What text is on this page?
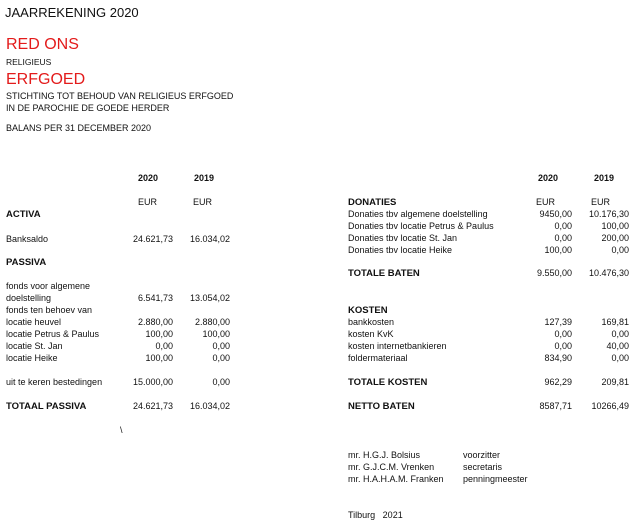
JAARREKENING 2020
RED ONS
RELIGIEUS
ERFGOED
STICHTING TOT BEHOUD VAN RELIGIEUS ERFGOED
IN DE PAROCHIE DE GOEDE HERDER
BALANS PER 31 DECEMBER 2020
2020	2019
EUR	EUR
ACTIVA
Banksaldo	24.621,73	16.034,02
PASSIVA
fonds voor algemene
doelstelling	6.541,73	13.054,02
fonds ten behoev van
locatie heuvel	2.880,00	2.880,00
locatie Petrus & Paulus	100,00	100,00
locatie St. Jan	0,00	0,00
locatie Heike	100,00	0,00
uit te keren bestedingen	15.000,00	0,00
TOTAAL PASSIVA	24.621,73	16.034,02
\
2020	2019
EUR	EUR
DONATIES
Donaties tbv algemene doelstelling	9450,00	10.176,30
Donaties tbv locatie Petrus & Paulus	0,00	100,00
Donaties tbv locatie St. Jan	0,00	200,00
Donaties tbv locatie Heike	100,00	0,00
TOTALE BATEN	9.550,00	10.476,30
KOSTEN
bankkosten	127,39	169,81
kosten KvK	0,00	0,00
kosten internetbankieren	0,00	40,00
foldermateriaal	834,90	0,00
TOTALE KOSTEN	962,29	209,81
NETTO BATEN	8587,71	10266,49
mr. H.G.J. Bolsius	voorzitter
mr. G.J.C.M. Vrenken	secretaris
mr. H.A.H.A.M. Franken penningmeester
Tilburg   2021
